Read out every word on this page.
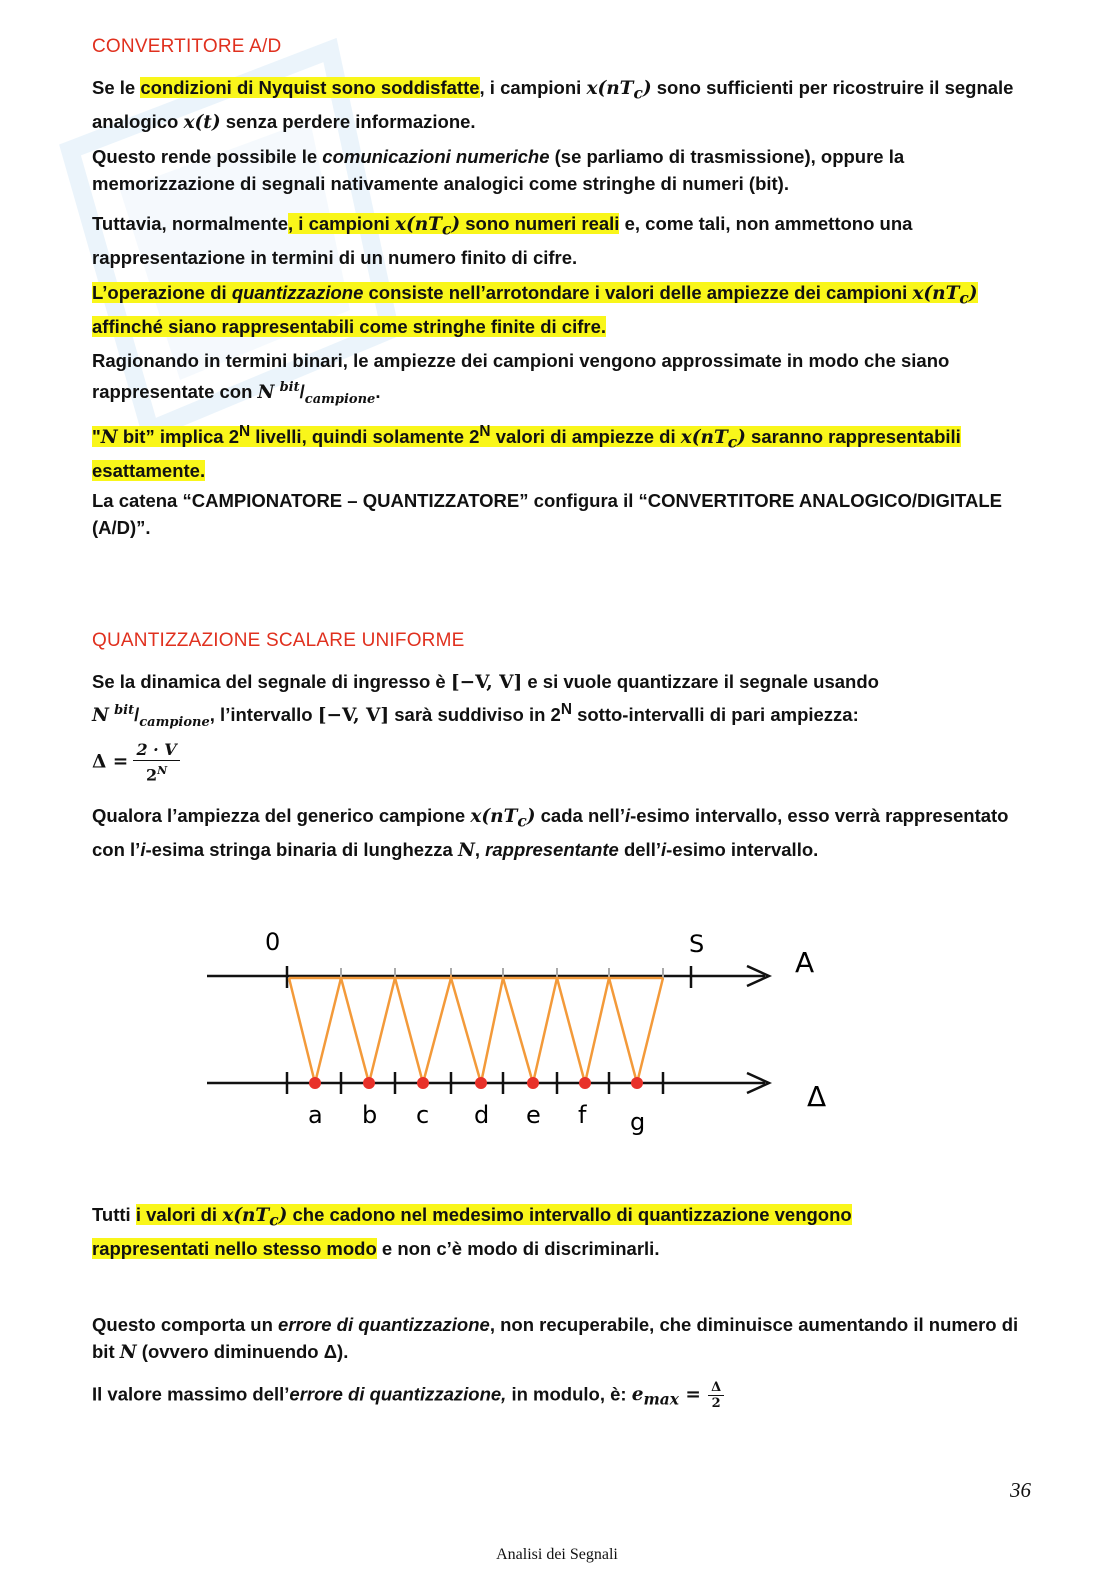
CONVERTITORE A/D
Se le condizioni di Nyquist sono soddisfatte, i campioni $x(nT_c)$ sono sufficienti per ricostruire il segnale analogico x(t) senza perdere informazione.
Questo rende possibile le comunicazioni numeriche (se parliamo di trasmissione), oppure la memorizzazione di segnali nativamente analogici come stringhe di numeri (bit).
Tuttavia, normalmente, i campioni $x(nT_c)$ sono numeri reali e, come tali, non ammettono una rappresentazione in termini di un numero finito di cifre.
L’operazione di quantizzazione consiste nell’arrotondare i valori delle ampiezze dei campioni $x(nT_c)$ affinché siano rappresentabili come stringhe finite di cifre.
Ragionando in termini binari, le ampiezze dei campioni vengono approssimate in modo che siano rappresentate con N $^{bit}/_{campione}$.
"N bit” implica $2^N$ livelli, quindi solamente $2^N$ valori di ampiezze di $x(nT_c)$ saranno rappresentabili esattamente.
La catena “CAMPIONATORE – QUANTIZZATORE” configura il “CONVERTITORE ANALOGICO/DIGITALE (A/D)”.
QUANTIZZAZIONE SCALARE UNIFORME
Se la dinamica del segnale di ingresso è [−V, V] e si vuole quantizzare il segnale usando
N $^{bit}/_{campione}$, l’intervallo [−V, V] sarà suddiviso in $2^N$ sotto-intervalli di pari ampiezza:
$\Delta = \frac{2 \cdot V}{2^N}$
Qualora l’ampiezza del generico campione $x(nT_c)$ cada nell’i-esimo intervallo, esso verrà rappresentato con l’i-esima stringa binaria di lunghezza N, rappresentante dell’i-esimo intervallo.
0	S
A
Δ
a b c d e f g
Tutti i valori di $x(nT_c)$ che cadono nel medesimo intervallo di quantizzazione vengono
rappresentati nello stesso modo e non c’è modo di discriminarli.
Questo comporta un errore di quantizzazione, non recuperabile, che diminuisce aumentando il numero di bit N (ovvero diminuendo Δ).
Il valore massimo dell’errore di quantizzazione, in modulo, è: $e_{max} = \frac{\Delta}{2}$
36
Analisi dei Segnali
